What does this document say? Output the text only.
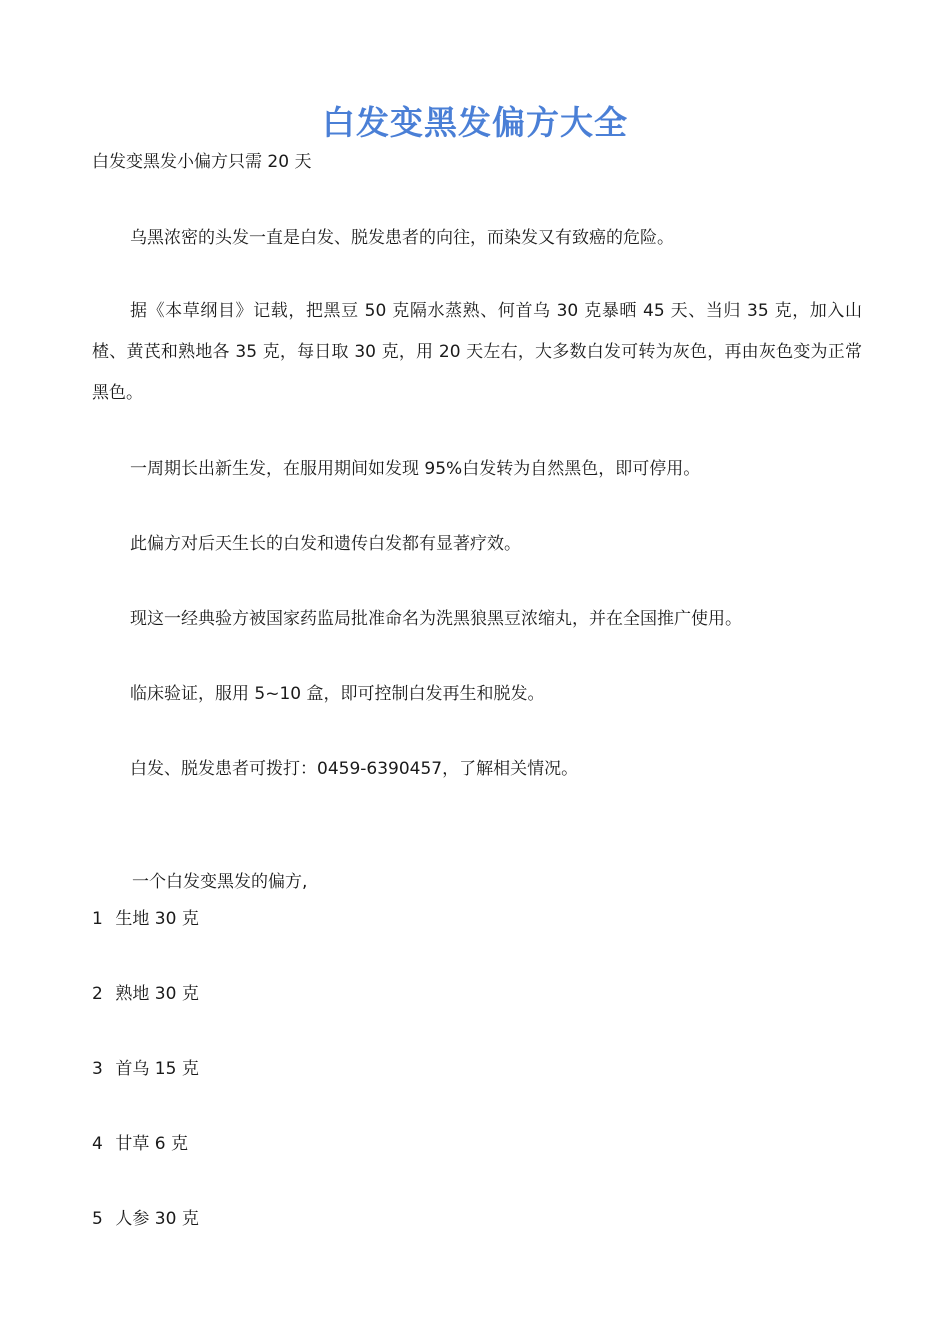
白发变黑发偏方大全
白发变黑发小偏方只需 20 天

乌黑浓密的头发一直是白发、脱发患者的向往，而染发又有致癌的危险。

据《本草纲目》记载，把黑豆 50 克隔水蒸熟、何首乌 30 克暴晒 45 天、当归 35 克，加入山楂、黄芪和熟地各 35 克，每日取 30 克，用 20 天左右，大多数白发可转为灰色，再由灰色变为正常黑色。

一周期长出新生发，在服用期间如发现 95%白发转为自然黑色，即可停用。

此偏方对后天生长的白发和遗传白发都有显著疗效。

现这一经典验方被国家药监局批准命名为洗黑狼黑豆浓缩丸，并在全国推广使用。

临床验证，服用 5~10 盒，即可控制白发再生和脱发。

白发、脱发患者可拨打：0459-6390457，了解相关情况。

一个白发变黑发的偏方,
1 生地 30 克
2 熟地 30 克
3 首乌 15 克
4 甘草 6 克
5 人参 30 克
